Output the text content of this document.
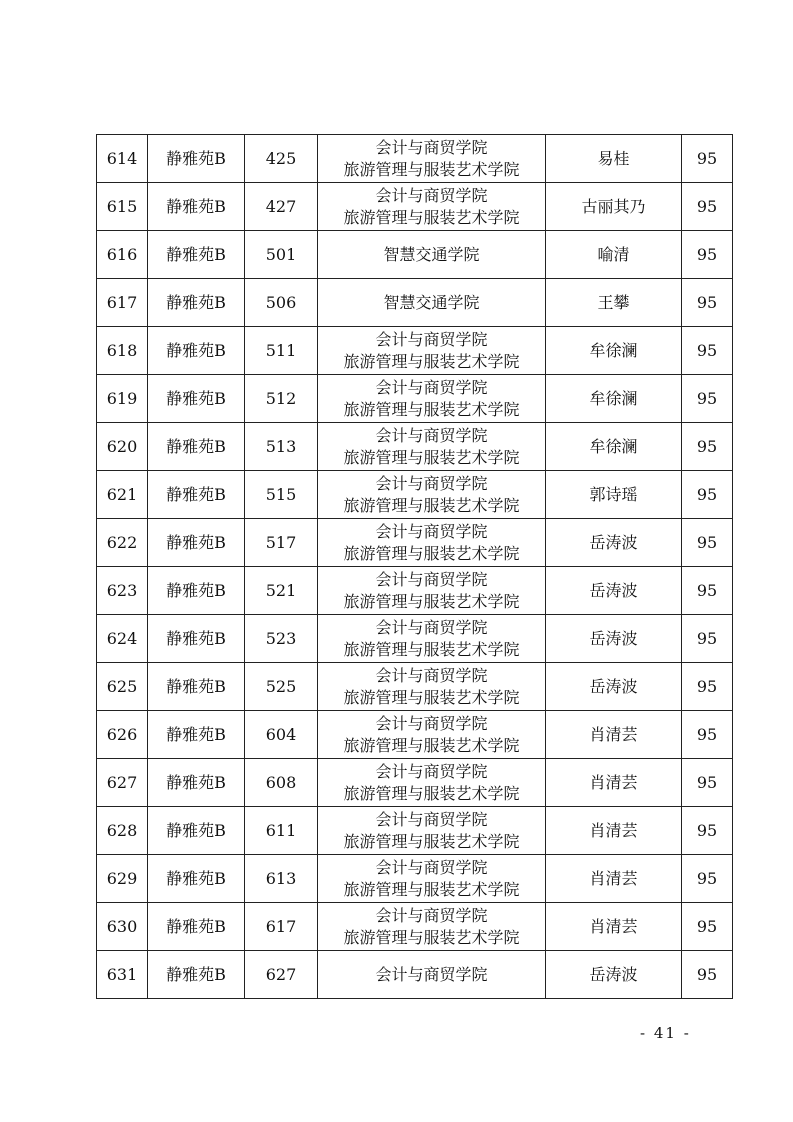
614	静雅苑B	425	会计与商贸学院
旅游管理与服装艺术学院	易桂	95
615	静雅苑B	427	会计与商贸学院
旅游管理与服装艺术学院	古丽其乃	95
616	静雅苑B	501	智慧交通学院	喻清	95
617	静雅苑B	506	智慧交通学院	王攀	95
618	静雅苑B	511	会计与商贸学院
旅游管理与服装艺术学院	牟徐澜	95
619	静雅苑B	512	会计与商贸学院
旅游管理与服装艺术学院	牟徐澜	95
620	静雅苑B	513	会计与商贸学院
旅游管理与服装艺术学院	牟徐澜	95
621	静雅苑B	515	会计与商贸学院
旅游管理与服装艺术学院	郭诗瑶	95
622	静雅苑B	517	会计与商贸学院
旅游管理与服装艺术学院	岳涛波	95
623	静雅苑B	521	会计与商贸学院
旅游管理与服装艺术学院	岳涛波	95
624	静雅苑B	523	会计与商贸学院
旅游管理与服装艺术学院	岳涛波	95
625	静雅苑B	525	会计与商贸学院
旅游管理与服装艺术学院	岳涛波	95
626	静雅苑B	604	会计与商贸学院
旅游管理与服装艺术学院	肖清芸	95
627	静雅苑B	608	会计与商贸学院
旅游管理与服装艺术学院	肖清芸	95
628	静雅苑B	611	会计与商贸学院
旅游管理与服装艺术学院	肖清芸	95
629	静雅苑B	613	会计与商贸学院
旅游管理与服装艺术学院	肖清芸	95
630	静雅苑B	617	会计与商贸学院
旅游管理与服装艺术学院	肖清芸	95
631	静雅苑B	627	会计与商贸学院	岳涛波	95
- 41 -
